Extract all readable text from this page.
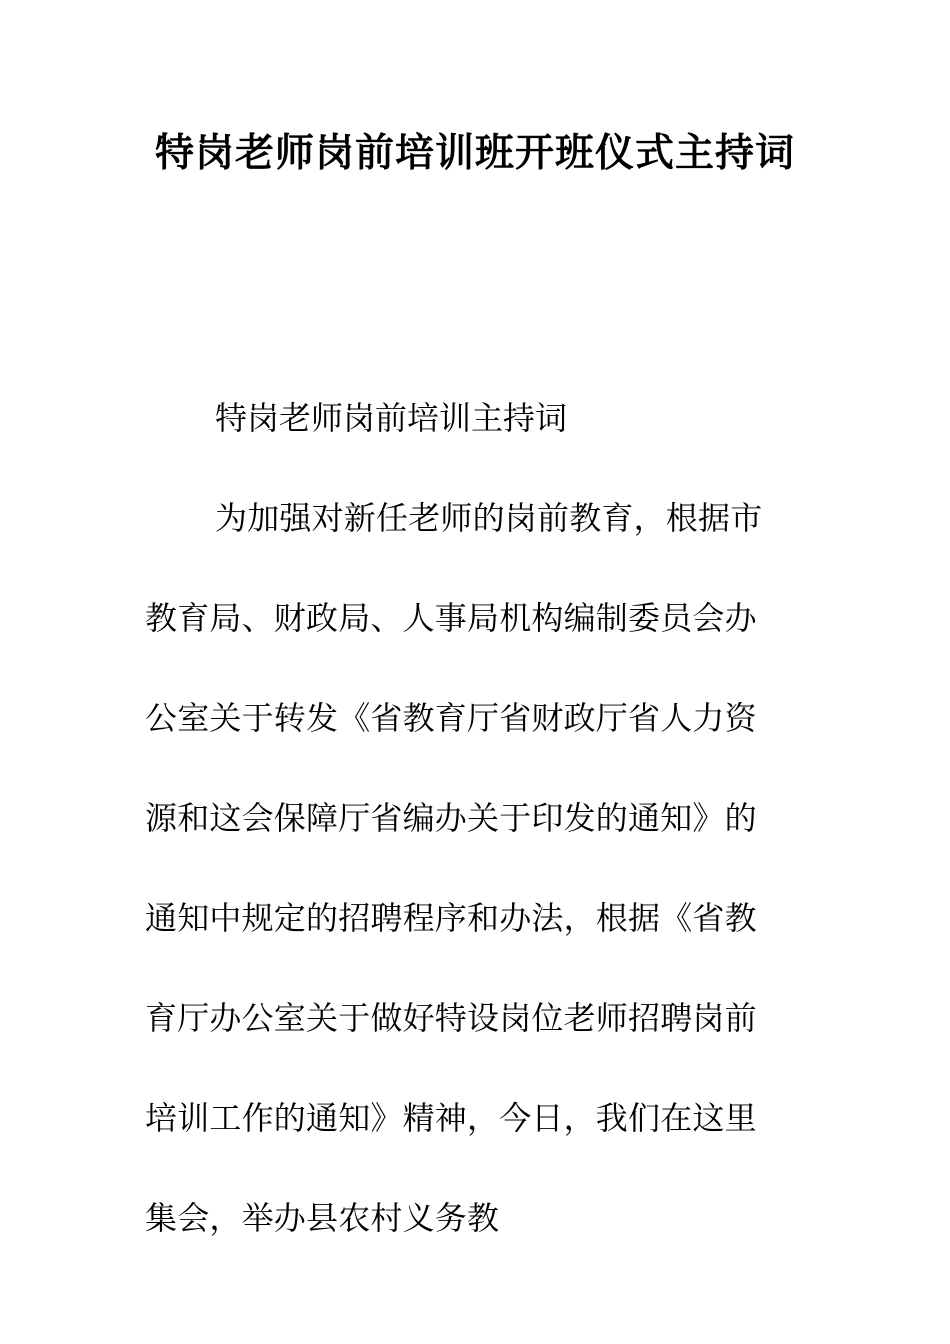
特岗老师岗前培训班开班仪式主持词

特岗老师岗前培训主持词

为加强对新任老师的岗前教育，根据市教育局、财政局、人事局机构编制委员会办公室关于转发《省教育厅省财政厅省人力资源和这会保障厅省编办关于印发的通知》的通知中规定的招聘程序和办法，根据《省教育厅办公室关于做好特设岗位老师招聘岗前培训工作的通知》精神，今日，我们在这里集会，举办县农村义务教
